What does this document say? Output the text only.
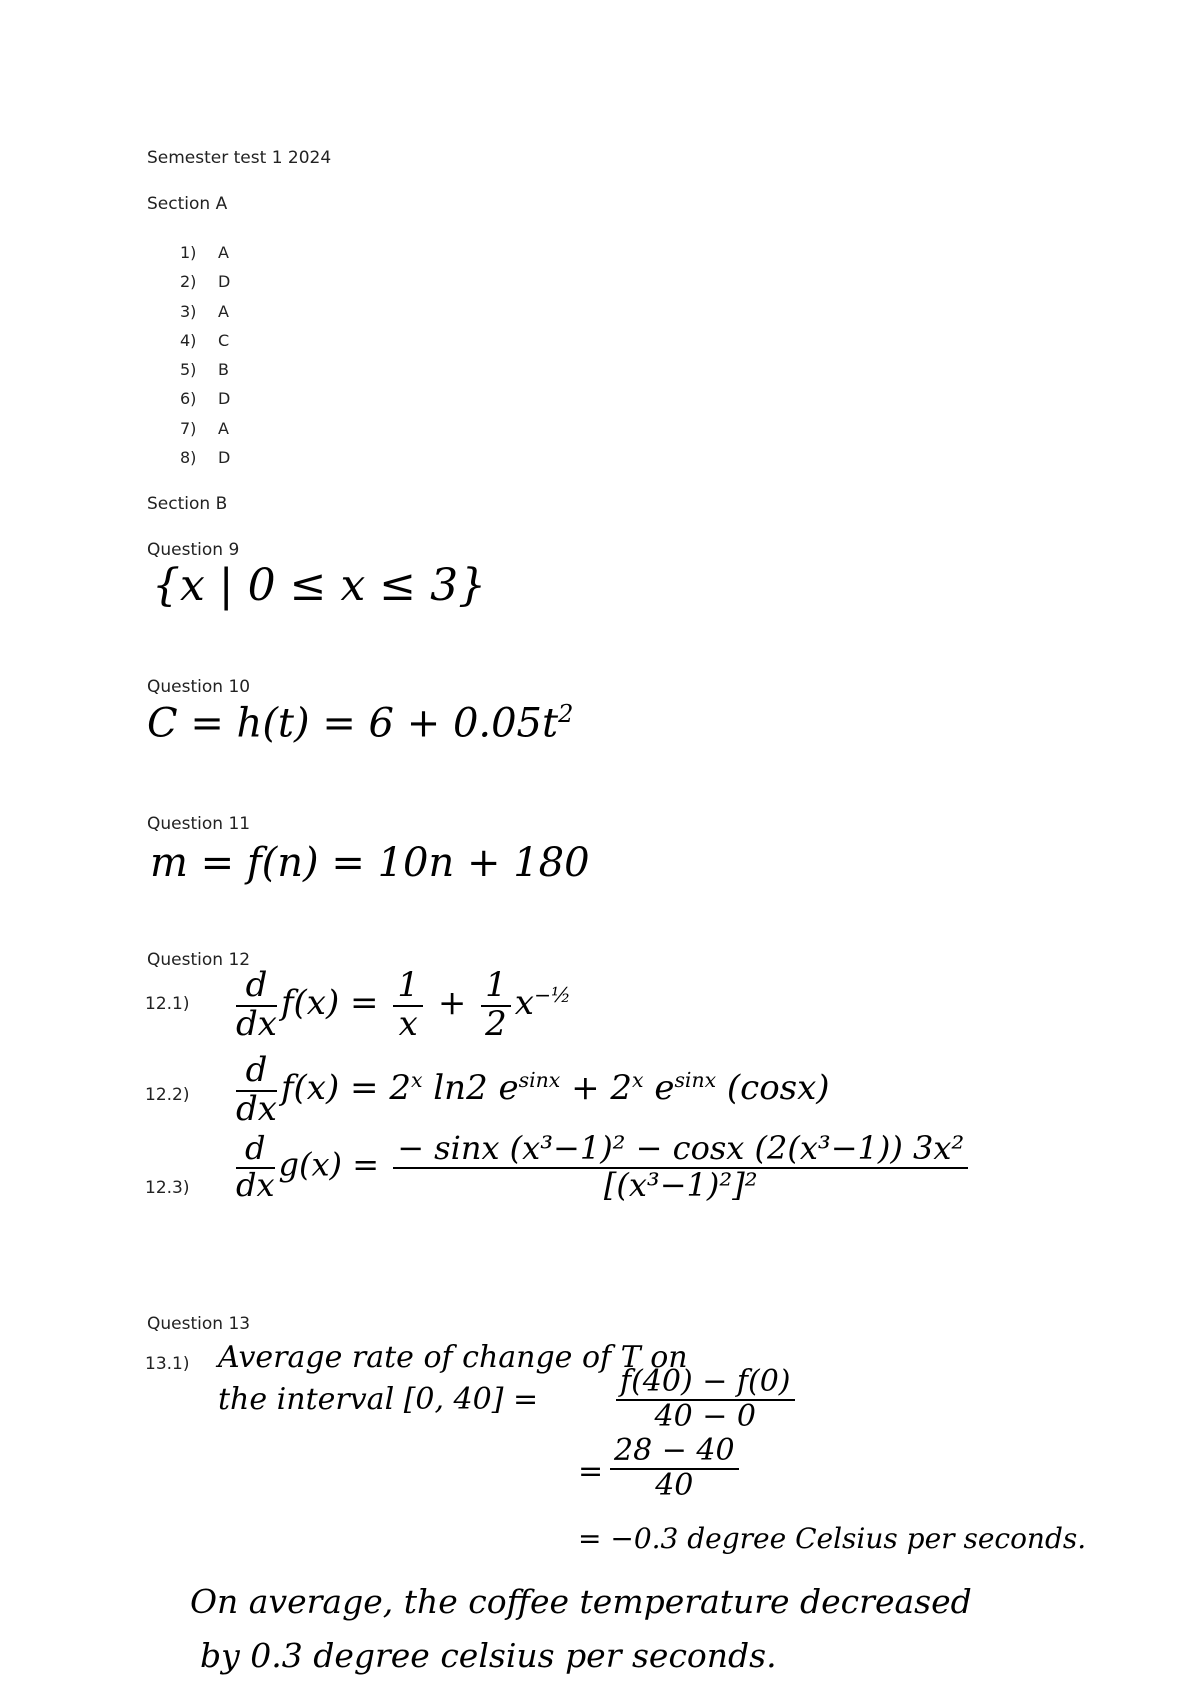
Semester test 1 2024
Section A
1) A
2) D
3) A
4) C
5) B
6) D
7) A
8) D
Section B
Question 9
{x | 0 ≤ x ≤ 3}
Question 10
$C = h(t) = 6 + 0.05t^2$
Question 11
m = f(n) = 10n + 180
Question 12
$12.1) \frac{d}{dx} f(x) = \frac{1}{x} + \frac{1}{2} x^{-\frac{1}{2}}$
$12.2) \frac{d}{dx} f(x) = 2^x$ ln2 $e^{sinx} + 2^x$ $e^{sinx}$ (cosx)
$12.3) \frac{d}{dx} g(x) = \frac{\text{− sinx (x³−1)² − cosx (2(x³−1)) 3x²}}{\text{[(x³−1)²]²}}$
Question 13
13.1) Average rate of change of T on
the interval [0, 40] =	$\frac{f(40) - f(0)}{40 - 0}$
= $\frac{28 - 40}{40}$
= −0.3 degree Celsius per seconds.
On average, the coffee temperature decreased
by 0.3 degree celsius per seconds.
